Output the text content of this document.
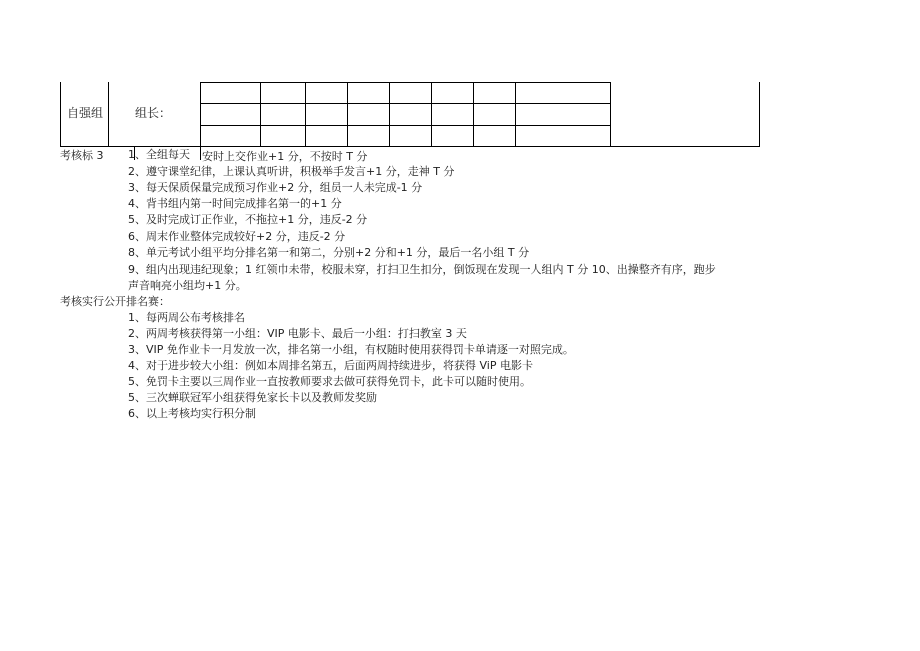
自强组	组长：
考核标 3 1、全组每天 安时上交作业+1 分，不按时 T 分
2、遵守课堂纪律，上课认真听讲，积极举手发言+1 分，走神 T 分
3、每天保质保量完成预习作业+2 分，组员一人未完成-1 分
4、背书组内第一时间完成排名第一的+1 分
5、及时完成订正作业，不拖拉+1 分，违反-2 分
6、周末作业整体完成较好+2 分，违反-2 分
8、单元考试小组平均分排名第一和第二，分别+2 分和+1 分，最后一名小组 T 分
9、组内出现违纪现象；1 红领巾未带，校服未穿，打扫卫生扣分，倒饭现在发现一人组内 T 分 10、出操整齐有序，跑步
声音响亮小组均+1 分。
考核实行公开排名赛：
1、每两周公布考核排名
2、两周考核获得第一小组：VIP 电影卡、最后一小组：打扫教室 3 天
3、VIP 免作业卡一月发放一次，排名第一小组，有权随时使用获得罚卡单请逐一对照完成。
4、对于进步较大小组：例如本周排名第五，后面两周持续进步，将获得 ViP 电影卡
5、免罚卡主要以三周作业一直按教师要求去做可获得免罚卡，此卡可以随时使用。
5、三次蝉联冠军小组获得免家长卡以及教师发奖励
6、以上考核均实行积分制
